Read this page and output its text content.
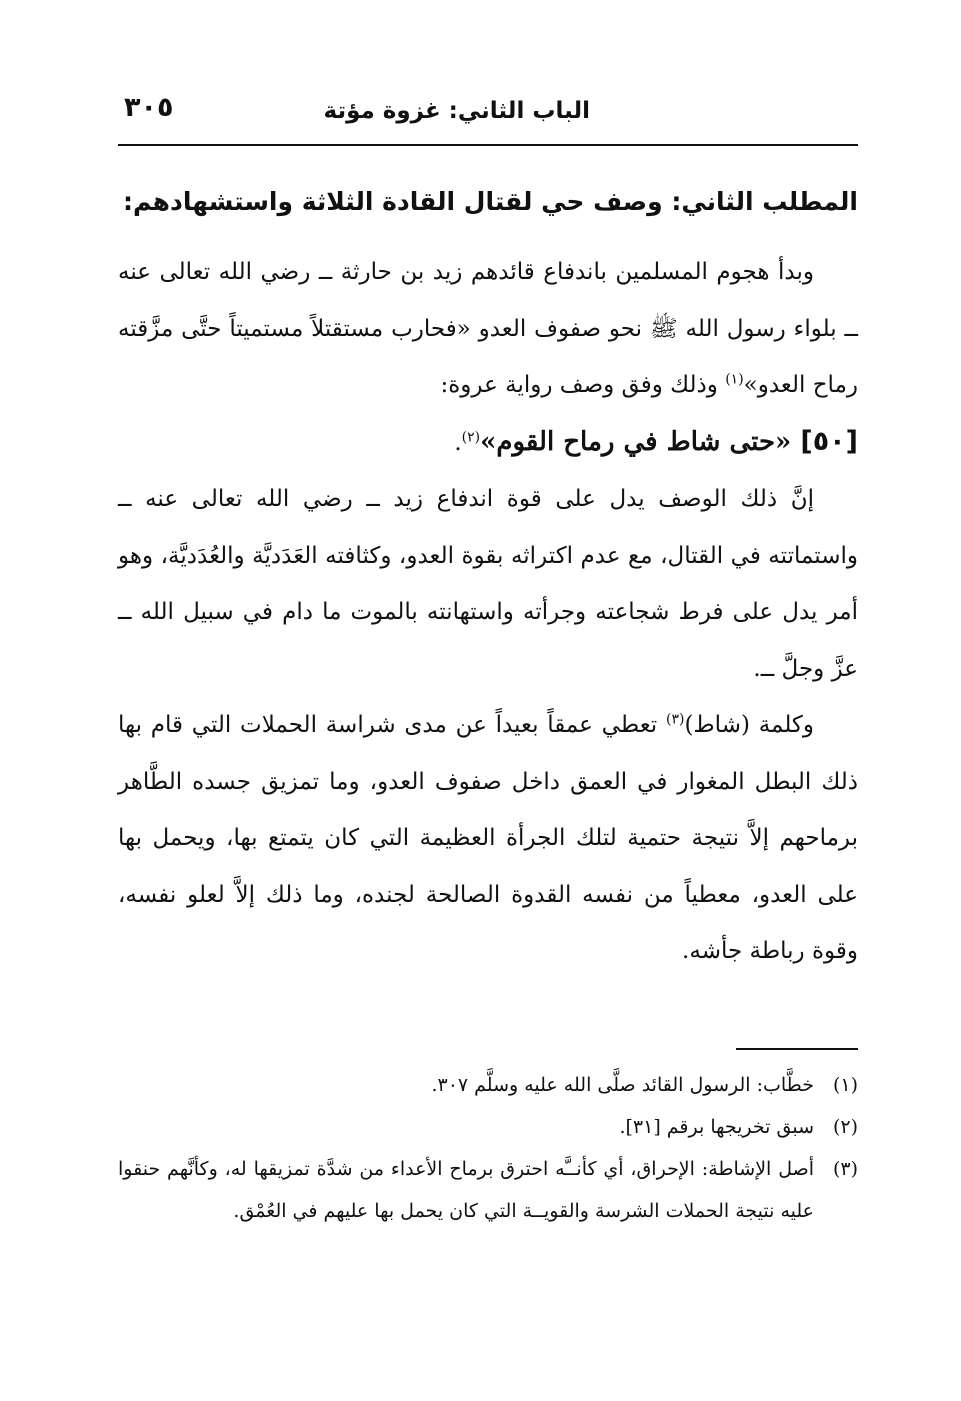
الباب الثاني: غزوة مؤتة
٣٠٥
المطلب الثاني: وصف حي لقتال القادة الثلاثة واستشهادهم:

وبدأ هجوم المسلمين باندفاع قائدهم زيد بن حارثة ــ رضي الله تعالى عنه ــ بلواء رسول الله ﷺ نحو صفوف العدو «فحارب مستقتلاً مستميتاً حتَّى مزَّقته رماح العدو»$^{(١)}$ وذلك وفق وصف رواية عروة:

[٥٠] «حتى شاط في رماح القوم»$^{(٢)}$.

إنَّ ذلك الوصف يدل على قوة اندفاع زيد ــ رضي الله تعالى عنه ــ واستماتته في القتال، مع عدم اكتراثه بقوة العدو، وكثافته العَدَديَّة والعُدَديَّة، وهو أمر يدل على فرط شجاعته وجرأته واستهانته بالموت ما دام في سبيل الله ــ عزَّ وجلَّ ــ.

وكلمة (شاط)$^{(٣)}$ تعطي عمقاً بعيداً عن مدى شراسة الحملات التي قام بها ذلك البطل المغوار في العمق داخل صفوف العدو، وما تمزيق جسده الطَّاهر برماحهم إلاَّ نتيجة حتمية لتلك الجرأة العظيمة التي كان يتمتع بها، ويحمل بها على العدو، معطياً من نفسه القدوة الصالحة لجنده، وما ذلك إلاَّ لعلو نفسه، وقوة رباطة جأشه.

(١)
خطَّاب: الرسول القائد صلَّى الله عليه وسلَّم ٣٠٧.
(٢)
سبق تخريجها برقم [٣١].
(٣)
أصل الإشاطة: الإحراق، أي كأنــَّه احترق برماح الأعداء من شدَّة تمزيقها له، وكأنَّهم حنقوا عليه نتيجة الحملات الشرسة والقويــة التي كان يحمل بها عليهم في العُمْق.
